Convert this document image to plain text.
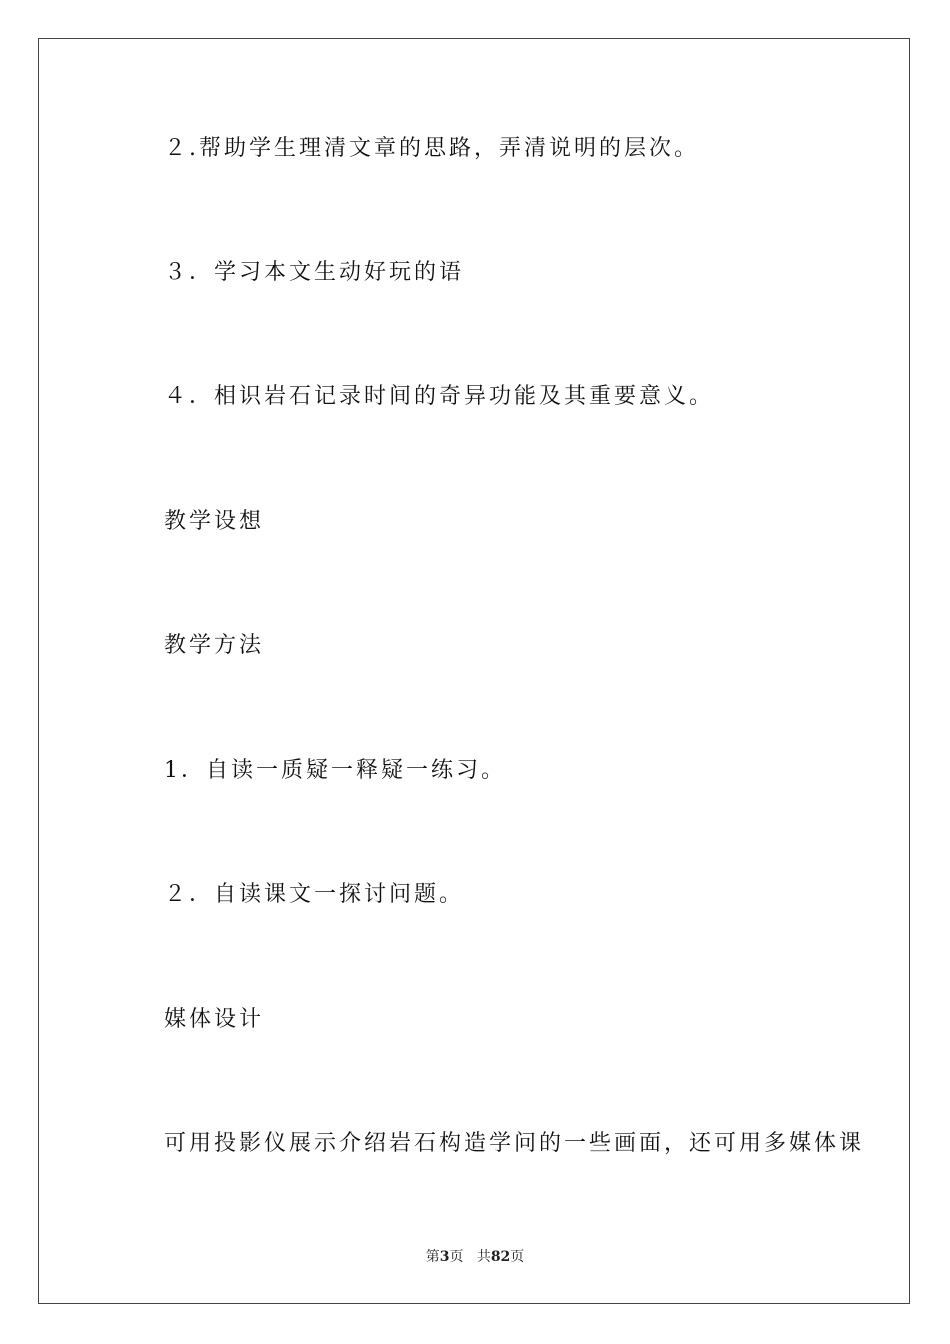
２.帮助学生理清文章的思路，弄清说明的层次。
３．学习本文生动好玩的语
４．相识岩石记录时间的奇异功能及其重要意义。
教学设想
教学方法
1．自读一质疑一释疑一练习。
２．自读课文一探讨问题。
媒体设计
可用投影仪展示介绍岩石构造学问的一些画面，还可用多媒体课
第3页 共82页
